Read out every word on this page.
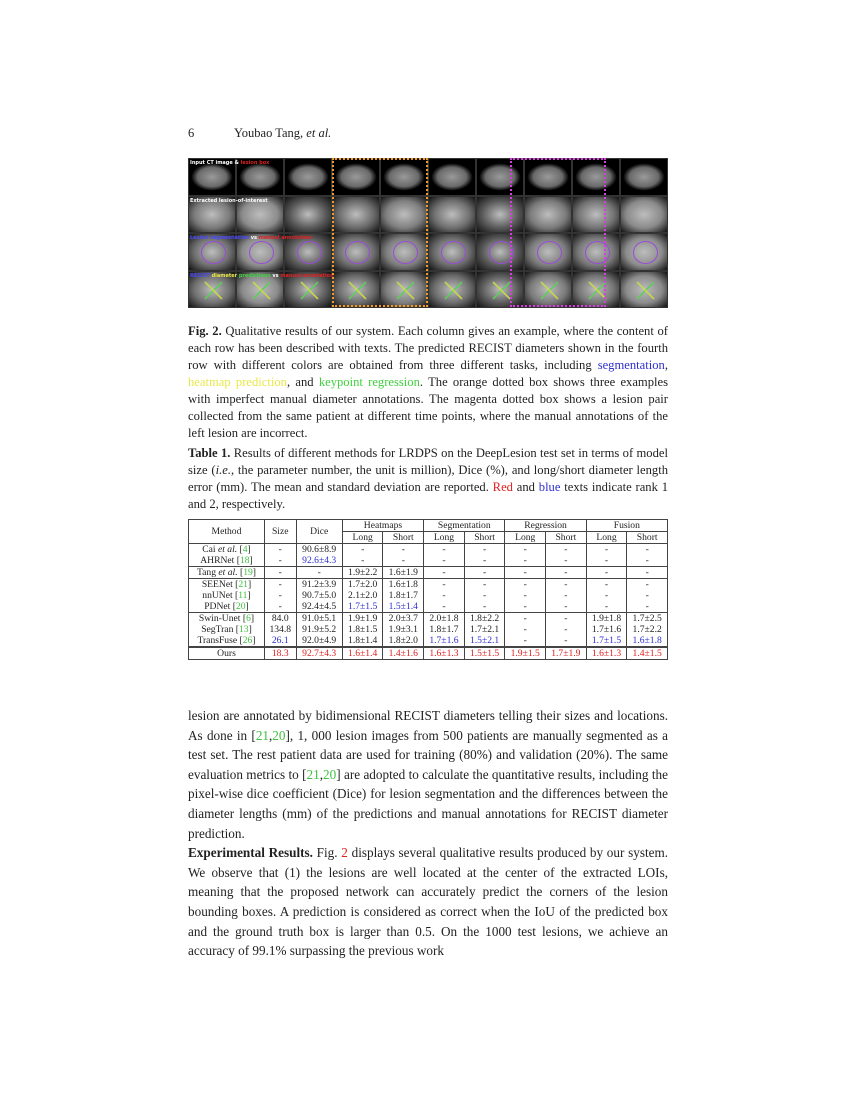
6	Youbao Tang, et al.
Input CT image & lesion box
Extracted lesion-of-interest
Lesion segmentation vs manual annotation
RECIST diameter predictions vs manual annotation
Fig. 2. Qualitative results of our system. Each column gives an example, where the content of each row has been described with texts. The predicted RECIST diameters shown in the fourth row with different colors are obtained from three different tasks, including segmentation, heatmap prediction, and keypoint regression. The orange dotted box shows three examples with imperfect manual diameter annotations. The magenta dotted box shows a lesion pair collected from the same patient at different time points, where the manual annotations of the left lesion are incorrect.
Table 1. Results of different methods for LRDPS on the DeepLesion test set in terms of model size (i.e., the parameter number, the unit is million), Dice (%), and long/short diameter length error (mm). The mean and standard deviation are reported. Red and blue texts indicate rank 1 and 2, respectively.
Method	Size	Dice	Heatmaps		Segmentation		Regression		Fusion	
			Long	Short	Long	Short	Long	Short	Long	Short
Cai et al. [4]	-	90.6±8.9	-	-	-	-	-	-	-	-
AHRNet [18]	-	92.6±4.3	-	-	-	-	-	-	-	-
Tang et al. [19]	-	-	1.9±2.2	1.6±1.9	-	-	-	-	-	-
SEENet [21]	-	91.2±3.9	1.7±2.0	1.6±1.8	-	-	-	-	-	-
nnUNet [11]	-	90.7±5.0	2.1±2.0	1.8±1.7	-	-	-	-	-	-
PDNet [20]	-	92.4±4.5	1.7±1.5	1.5±1.4	-	-	-	-	-	-
Swin-Unet [6]	84.0	91.0±5.1	1.9±1.9	2.0±3.7	2.0±1.8	1.8±2.2	-	-	1.9±1.8	1.7±2.5
SegTran [13]	134.8	91.9±5.2	1.8±1.5	1.9±3.1	1.8±1.7	1.7±2.1	-	-	1.7±1.6	1.7±2.2
TransFuse [26]	26.1	92.0±4.9	1.8±1.4	1.8±2.0	1.7±1.6	1.5±2.1	-	-	1.7±1.5	1.6±1.8
Ours	18.3	92.7±4.3	1.6±1.4	1.4±1.6	1.6±1.3	1.5±1.5	1.9±1.5	1.7±1.9	1.6±1.3	1.4±1.5

lesion are annotated by bidimensional RECIST diameters telling their sizes and locations. As done in [21,20], 1, 000 lesion images from 500 patients are manually segmented as a test set. The rest patient data are used for training (80%) and validation (20%). The same evaluation metrics to [21,20] are adopted to calculate the quantitative results, including the pixel-wise dice coefficient (Dice) for lesion segmentation and the differences between the diameter lengths (mm) of the predictions and manual annotations for RECIST diameter prediction.

Experimental Results. Fig. 2 displays several qualitative results produced by our system. We observe that (1) the lesions are well located at the center of the extracted LOIs, meaning that the proposed network can accurately predict the corners of the lesion bounding boxes. A prediction is considered as correct when the IoU of the predicted box and the ground truth box is larger than 0.5. On the 1000 test lesions, we achieve an accuracy of 99.1% surpassing the previous work
